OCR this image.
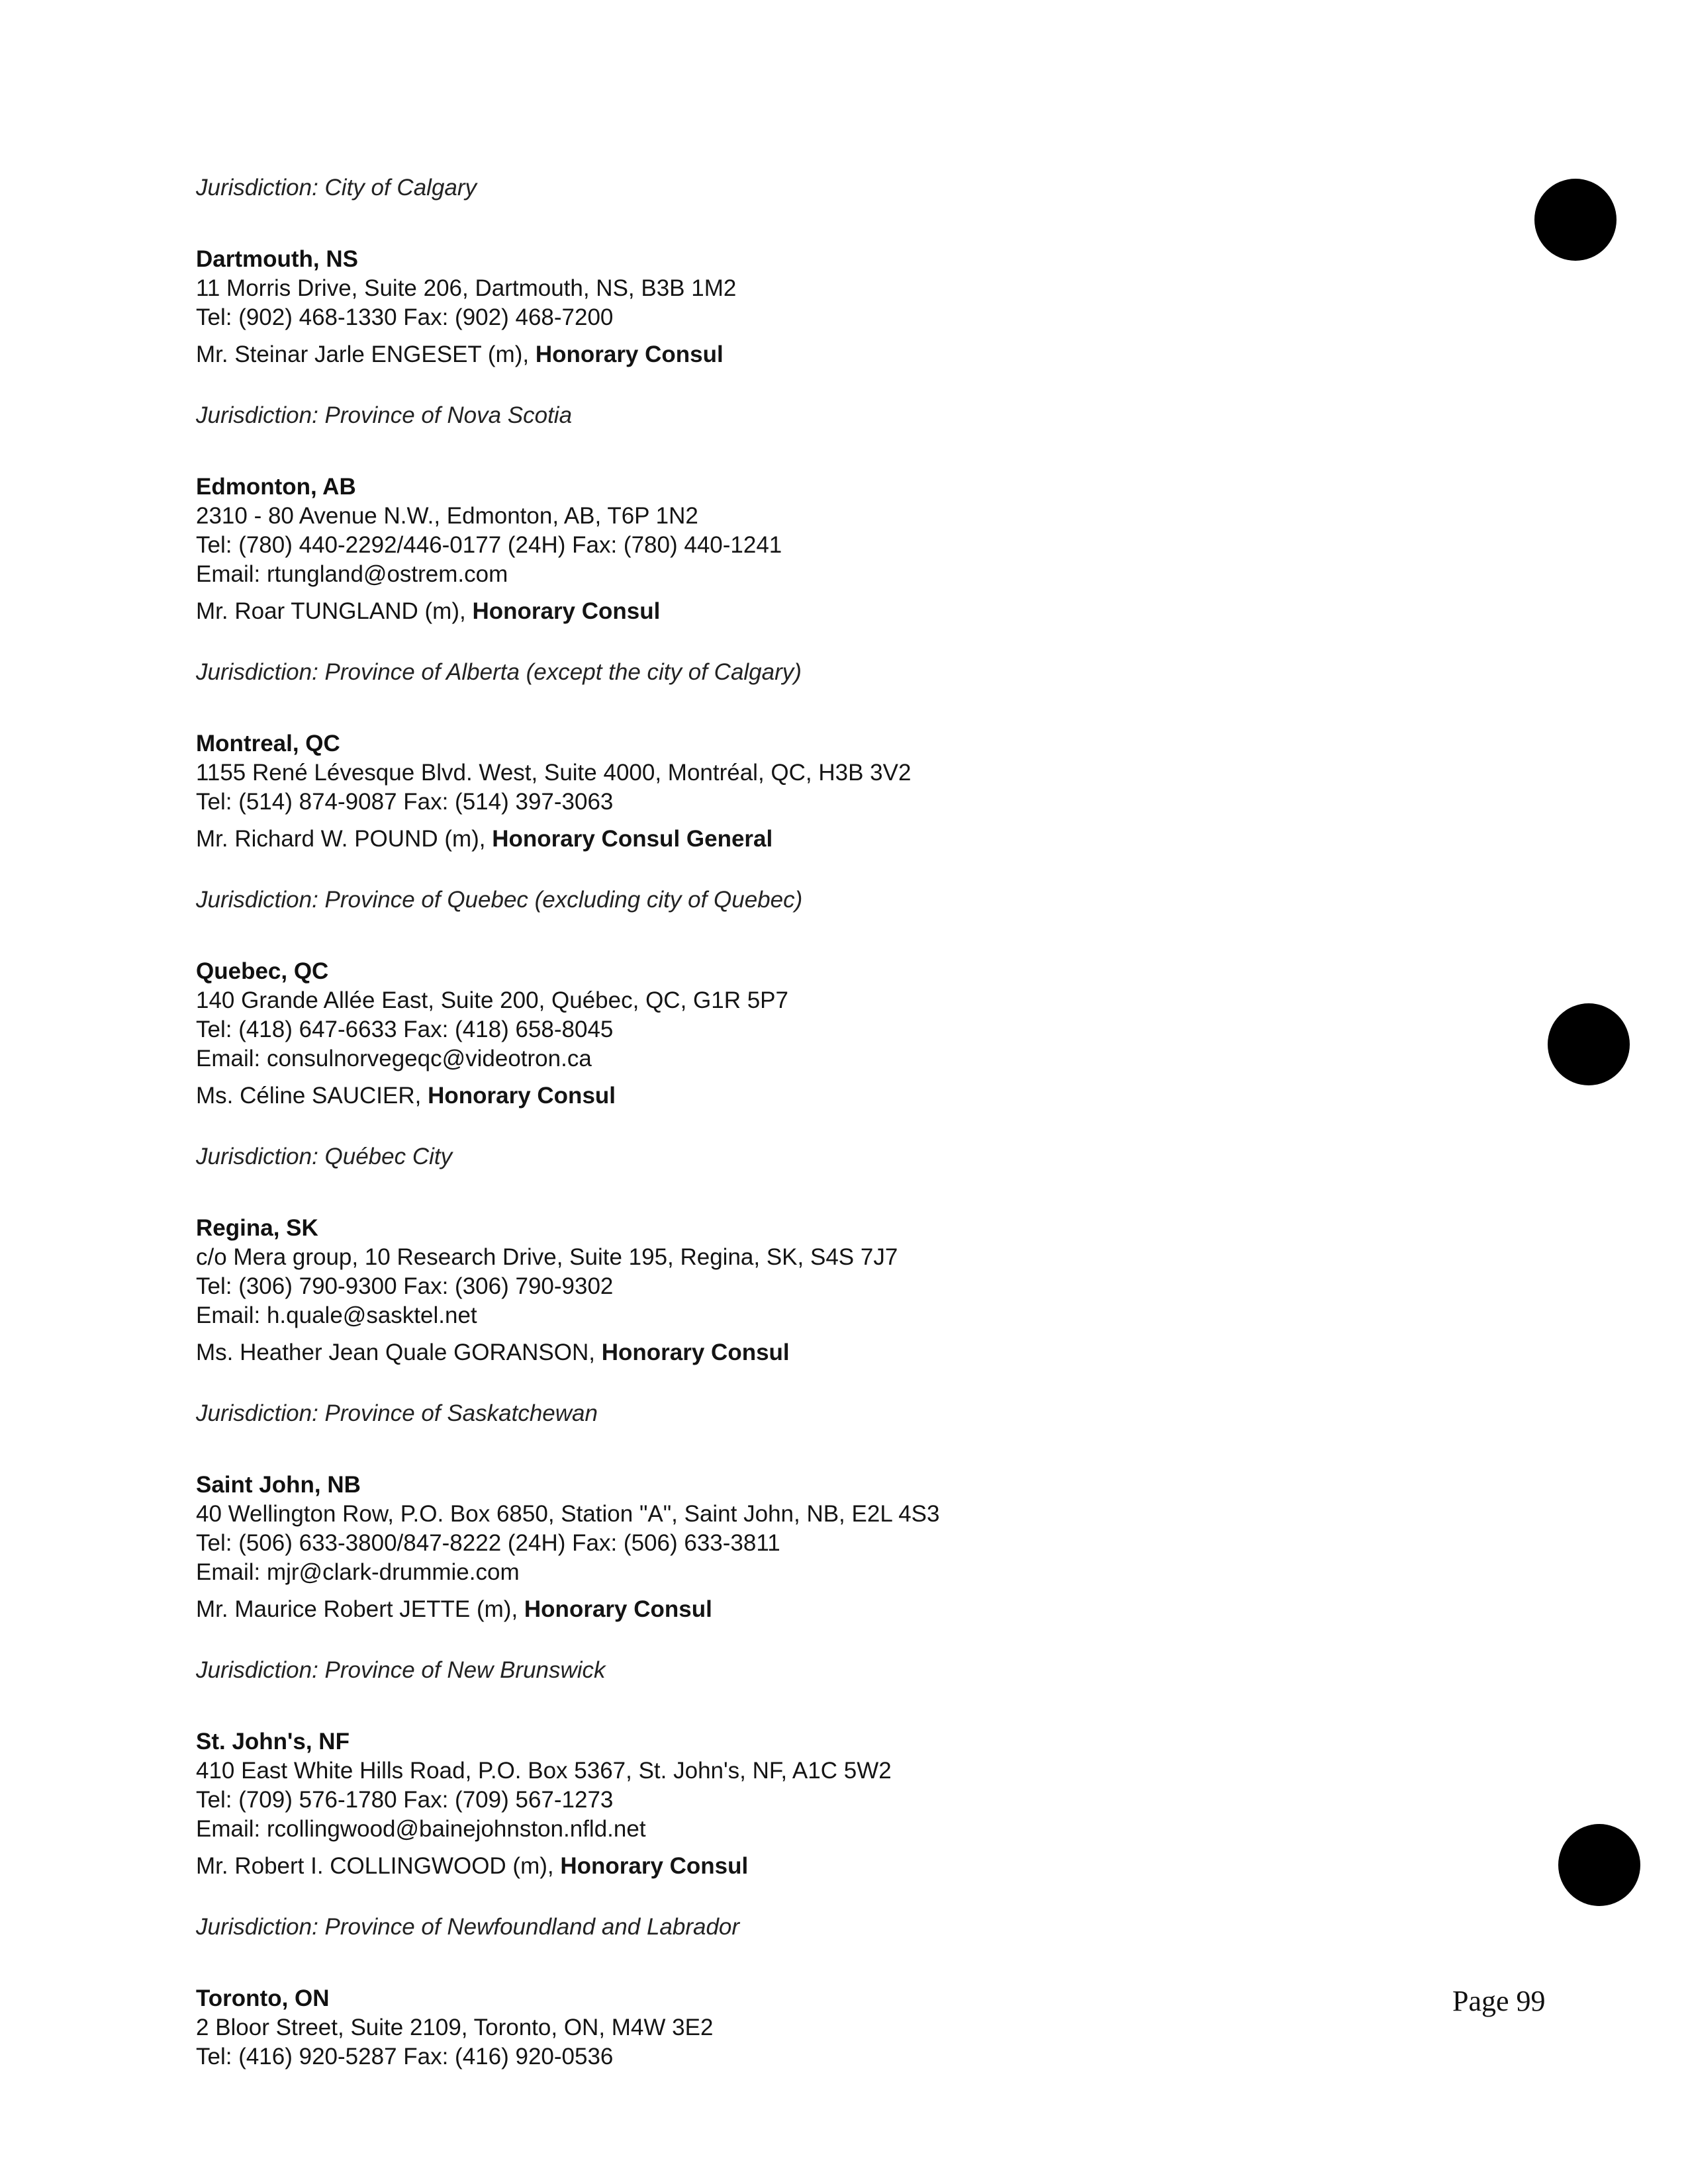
Jurisdiction: City of Calgary
Dartmouth, NS
11 Morris Drive, Suite 206, Dartmouth, NS, B3B 1M2
Tel: (902) 468-1330 Fax: (902) 468-7200
Mr. Steinar Jarle ENGESET (m), Honorary Consul
Jurisdiction: Province of Nova Scotia
Edmonton, AB
2310 - 80 Avenue N.W., Edmonton, AB, T6P 1N2
Tel: (780) 440-2292/446-0177 (24H) Fax: (780) 440-1241
Email: rtungland@ostrem.com
Mr. Roar TUNGLAND (m), Honorary Consul
Jurisdiction: Province of Alberta (except the city of Calgary)
Montreal, QC
1155 René Lévesque Blvd. West, Suite 4000, Montréal, QC, H3B 3V2
Tel: (514) 874-9087 Fax: (514) 397-3063
Mr. Richard W. POUND (m), Honorary Consul General
Jurisdiction: Province of Quebec (excluding city of Quebec)
Quebec, QC
140 Grande Allée East, Suite 200, Québec, QC, G1R 5P7
Tel: (418) 647-6633 Fax: (418) 658-8045
Email: consulnorvegeqc@videotron.ca
Ms. Céline SAUCIER, Honorary Consul
Jurisdiction: Québec City
Regina, SK
c/o Mera group, 10 Research Drive, Suite 195, Regina, SK, S4S 7J7
Tel: (306) 790-9300 Fax: (306) 790-9302
Email: h.quale@sasktel.net
Ms. Heather Jean Quale GORANSON, Honorary Consul
Jurisdiction: Province of Saskatchewan
Saint John, NB
40 Wellington Row, P.O. Box 6850, Station "A", Saint John, NB, E2L 4S3
Tel: (506) 633-3800/847-8222 (24H) Fax: (506) 633-3811
Email: mjr@clark-drummie.com
Mr. Maurice Robert JETTE (m), Honorary Consul
Jurisdiction: Province of New Brunswick
St. John's, NF
410 East White Hills Road, P.O. Box 5367, St. John's, NF, A1C 5W2
Tel: (709) 576-1780 Fax: (709) 567-1273
Email: rcollingwood@bainejohnston.nfld.net
Mr. Robert I. COLLINGWOOD (m), Honorary Consul
Jurisdiction: Province of Newfoundland and Labrador
Toronto, ON
2 Bloor Street, Suite 2109, Toronto, ON, M4W 3E2
Tel: (416) 920-5287 Fax: (416) 920-0536
Page 99
